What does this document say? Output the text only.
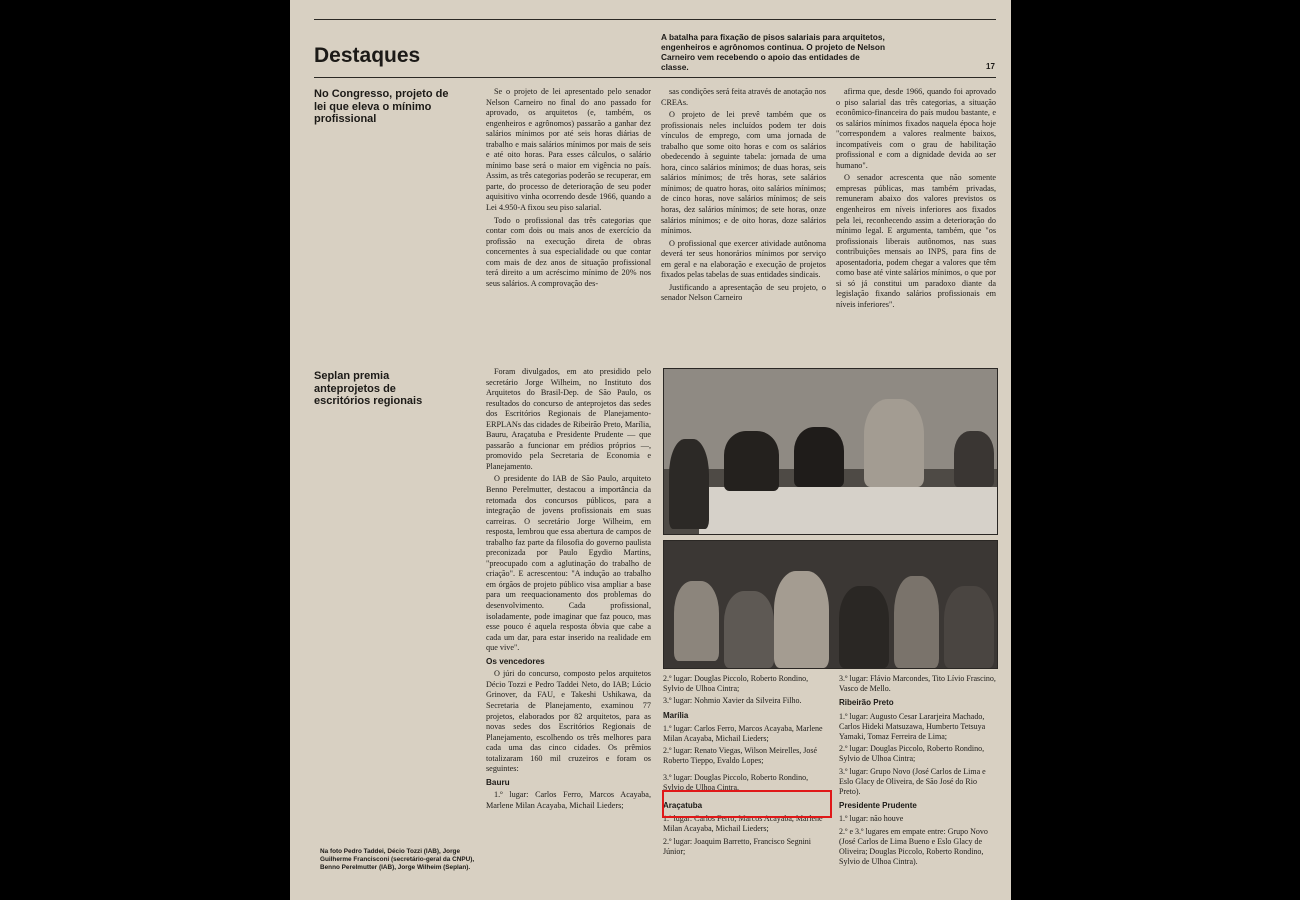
Destaques
A batalha para fixação de pisos salariais para arquitetos, engenheiros e agrônomos continua. O projeto de Nelson Carneiro vem recebendo o apoio das entidades de classe.	17
No Congresso, projeto de lei que eleva o mínimo profissional

Se o projeto de lei apresentado pelo senador Nelson Carneiro no final do ano passado for aprovado, os arquitetos (e, também, os engenheiros e agrônomos) passarão a ganhar dez salários mínimos por até seis horas diárias de trabalho e mais salários mínimos por mais de seis e até oito horas. Para esses cálculos, o salário mínimo base será o maior em vigência no país. Assim, as três categorias poderão se recuperar, em parte, do processo de deterioração de seu poder aquisitivo vinha ocorrendo desde 1966, quando a Lei 4.950-A fixou seu piso salarial.

Todo o profissional das três categorias que contar com dois ou mais anos de exercício da profissão na execução direta de obras concernentes à sua especialidade ou que contar com mais de dez anos de situação profissional terá direito a um acréscimo mínimo de 20% nos seus salários. A comprovação des-

sas condições será feita através de anotação nos CREAs.

O projeto de lei prevê também que os profissionais neles incluídos podem ter dois vínculos de emprego, com uma jornada de trabalho que some oito horas e com os salários obedecendo à seguinte tabela: jornada de uma hora, cinco salários mínimos; de duas horas, seis salários mínimos; de três horas, sete salários mínimos; de quatro horas, oito salários mínimos; de cinco horas, nove salários mínimos; de seis horas, dez salários mínimos; de sete horas, onze salários mínimos; e de oito horas, doze salários mínimos.

O profissional que exercer atividade autônoma deverá ter seus honorários mínimos por serviço em geral e na elaboração e execução de projetos fixados pelas tabelas de suas entidades sindicais.

Justificando a apresentação de seu projeto, o senador Nelson Carneiro

afirma que, desde 1966, quando foi aprovado o piso salarial das três categorias, a situação econômico-financeira do país mudou bastante, e os salários mínimos fixados naquela época hoje "correspondem a valores realmente baixos, incompatíveis com o grau de habilitação profissional e com a dignidade devida ao ser humano".

O senador acrescenta que não somente empresas públicas, mas também privadas, remuneram abaixo dos valores previstos os engenheiros em níveis inferiores aos fixados pela lei, reconhecendo assim a deterioração do mínimo legal. E argumenta, também, que "os profissionais liberais autônomos, nas suas contribuições mensais ao INPS, para fins de aposentadoria, podem chegar a valores que têm como base até vinte salários mínimos, o que por si só já constitui um paradoxo diante da legislação fixando salários profissionais em níveis inferiores".

Seplan premia anteprojetos de escritórios regionais

Foram divulgados, em ato presidido pelo secretário Jorge Wilheim, no Instituto dos Arquitetos do Brasil-Dep. de São Paulo, os resultados do concurso de anteprojetos das sedes dos Escritórios Regionais de Planejamento-ERPLANs das cidades de Ribeirão Preto, Marília, Bauru, Araçatuba e Presidente Prudente — que passarão a funcionar em prédios próprios —, promovido pela Secretaria de Economia e Planejamento.

O presidente do IAB de São Paulo, arquiteto Benno Perelmutter, destacou a importância da retomada dos concursos públicos, para a integração de jovens profissionais em suas carreiras. O secretário Jorge Wilheim, em resposta, lembrou que essa abertura de campos de trabalho faz parte da filosofia do governo paulista preconizada por Paulo Egydio Martins, "preocupado com a aglutinação do trabalho de criação". E acrescentou: "A indução ao trabalho em órgãos de projeto público visa ampliar a base para um reequacionamento dos problemas do desenvolvimento. Cada profissional, isoladamente, pode imaginar que faz pouco, mas esse pouco é aquela resposta óbvia que cabe a cada um dar, para estar inserido na realidade em que vive".

Os vencedores

O júri do concurso, composto pelos arquitetos Décio Tozzi e Pedro Taddei Neto, do IAB; Lúcio Grinover, da FAU, e Takeshi Ushikawa, da Secretaria de Planejamento, examinou 77 projetos, elaborados por 82 arquitetos, para as novas sedes dos Escritórios Regionais de Planejamento, escolhendo os três melhores para cada uma das cinco cidades. Os prêmios totalizaram 160 mil cruzeiros e foram os seguintes:

Bauru

1.º lugar: Carlos Ferro, Marcos Acayaba, Marlene Milan Acayaba, Michail Lieders;

2.º lugar: Douglas Piccolo, Roberto Rondino, Sylvio de Ulhoa Cintra;

3.º lugar: Nohmio Xavier da Silveira Filho.

Marília

1.º lugar: Carlos Ferro, Marcos Acayaba, Marlene Milan Acayaba, Michail Lieders;

2.º lugar: Renato Viegas, Wilson Meirelles, José Roberto Tieppo, Evaldo Lopes;

3.º lugar: Douglas Piccolo, Roberto Rondino, Sylvio de Ulhoa Cintra.

Araçatuba

1.º lugar: Carlos Ferro, Marcos Acayaba, Marlene Milan Acayaba, Michail Lieders;

2.º lugar: Joaquim Barretto, Francisco Segnini Júnior;

3.º lugar: Flávio Marcondes, Tito Lívio Frascino, Vasco de Mello.

Ribeirão Preto

1.º lugar: Augusto Cesar Lararjeira Machado, Carlos Hideki Matsuzawa, Humberto Tetsuya Yamaki, Tomaz Ferreira de Lima;

2.º lugar: Douglas Piccolo, Roberto Rondino, Sylvio de Ulhoa Cintra;

3.º lugar: Grupo Novo (José Carlos de Lima e Eslo Glacy de Oliveira, de São José do Rio Preto).

Presidente Prudente

1.º lugar: não houve

2.º e 3.º lugares em empate entre: Grupo Novo (José Carlos de Lima Bueno e Eslo Glacy de Oliveira; Douglas Piccolo, Roberto Rondino, Sylvio de Ulhoa Cintra).

Na foto Pedro Taddei, Décio Tozzi (IAB), Jorge Guilherme Francisconi (secretário-geral da CNPU), Benno Perelmutter (IAB), Jorge Wilheim (Seplan).
